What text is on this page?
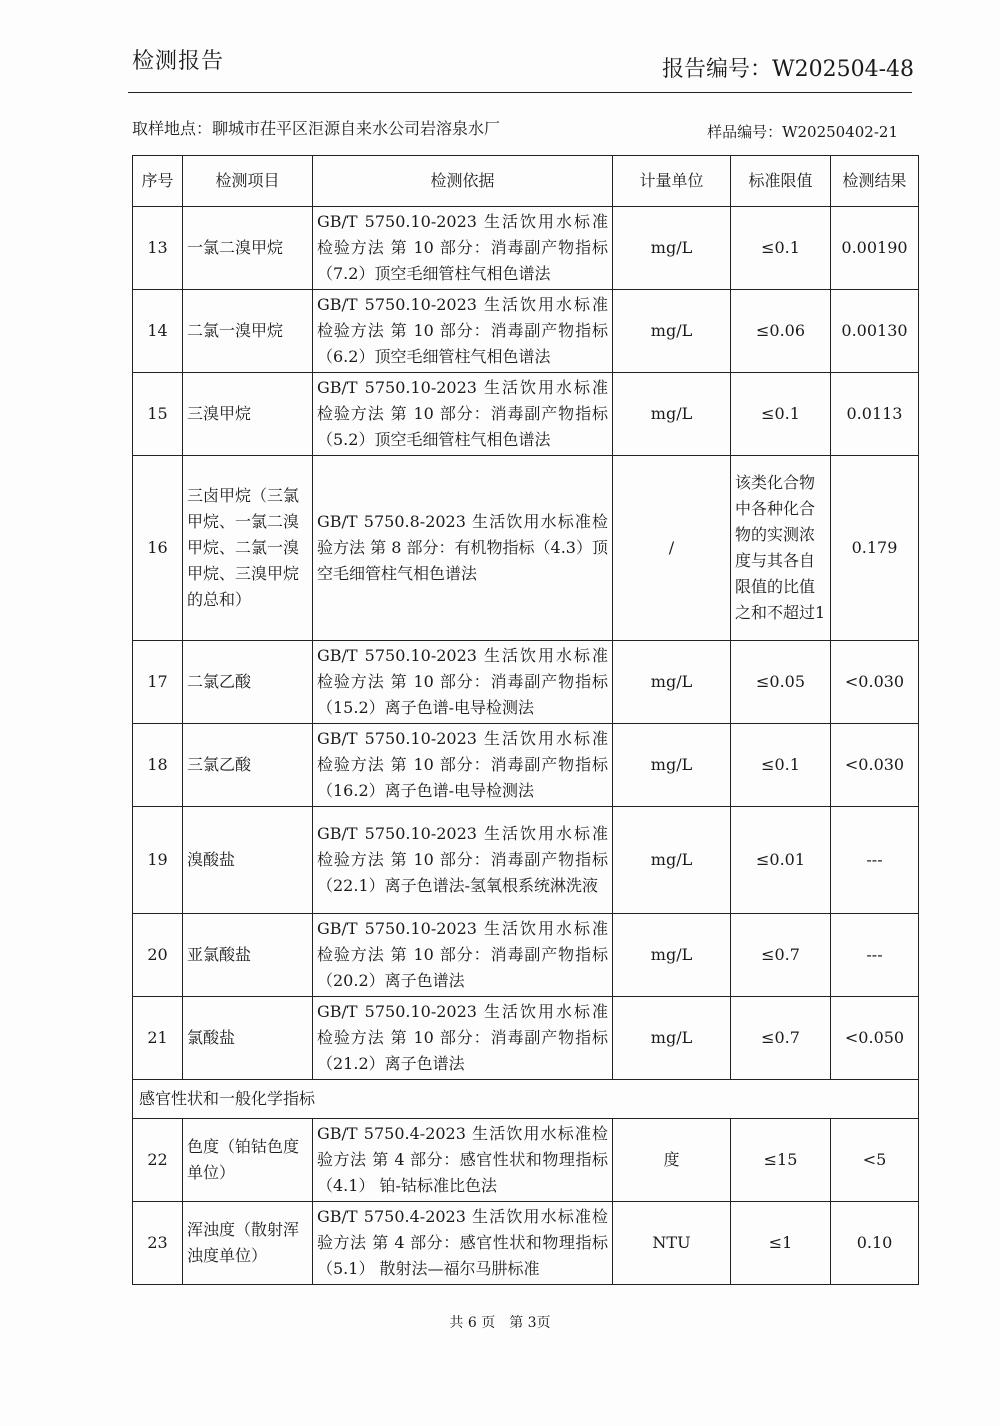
检测报告	报告编号：W202504-48
取样地点：聊城市茌平区洰源自来水公司岩溶泉水厂	样品编号：W20250402-21
序号	检测项目	检测依据	计量单位	标准限值	检测结果
13	一氯二溴甲烷	GB/T 5750.10-2023 生活饮用水标准检验方法 第 10 部分：消毒副产物指标（7.2）顶空毛细管柱气相色谱法	mg/L	≤0.1	0.00190
14	二氯一溴甲烷	GB/T 5750.10-2023 生活饮用水标准检验方法 第 10 部分：消毒副产物指标（6.2）顶空毛细管柱气相色谱法	mg/L	≤0.06	0.00130
15	三溴甲烷	GB/T 5750.10-2023 生活饮用水标准检验方法 第 10 部分：消毒副产物指标（5.2）顶空毛细管柱气相色谱法	mg/L	≤0.1	0.0113
16	三卤甲烷（三氯甲烷、一氯二溴甲烷、二氯一溴甲烷、三溴甲烷的总和）	GB/T 5750.8-2023 生活饮用水标准检验方法 第 8 部分：有机物指标（4.3）顶空毛细管柱气相色谱法	/	该类化合物中各种化合物的实测浓度与其各自限值的比值之和不超过1	0.179
17	二氯乙酸	GB/T 5750.10-2023 生活饮用水标准检验方法 第 10 部分：消毒副产物指标（15.2）离子色谱-电导检测法	mg/L	≤0.05	<0.030
18	三氯乙酸	GB/T 5750.10-2023 生活饮用水标准检验方法 第 10 部分：消毒副产物指标（16.2）离子色谱-电导检测法	mg/L	≤0.1	<0.030
19	溴酸盐	GB/T 5750.10-2023 生活饮用水标准检验方法 第 10 部分：消毒副产物指标（22.1）离子色谱法-氢氧根系统淋洗液	mg/L	≤0.01	---
20	亚氯酸盐	GB/T 5750.10-2023 生活饮用水标准检验方法 第 10 部分：消毒副产物指标（20.2）离子色谱法	mg/L	≤0.7	---
21	氯酸盐	GB/T 5750.10-2023 生活饮用水标准检验方法 第 10 部分：消毒副产物指标（21.2）离子色谱法	mg/L	≤0.7	<0.050
感官性状和一般化学指标					
22	色度（铂钴色度单位）	GB/T 5750.4-2023 生活饮用水标准检验方法 第 4 部分：感官性状和物理指标（4.1） 铂-钴标准比色法	度	≤15	<5
23	浑浊度（散射浑浊度单位）	GB/T 5750.4-2023 生活饮用水标准检验方法 第 4 部分：感官性状和物理指标（5.1） 散射法—福尔马肼标准	NTU	≤1	0.10
共 6 页　第 3页
